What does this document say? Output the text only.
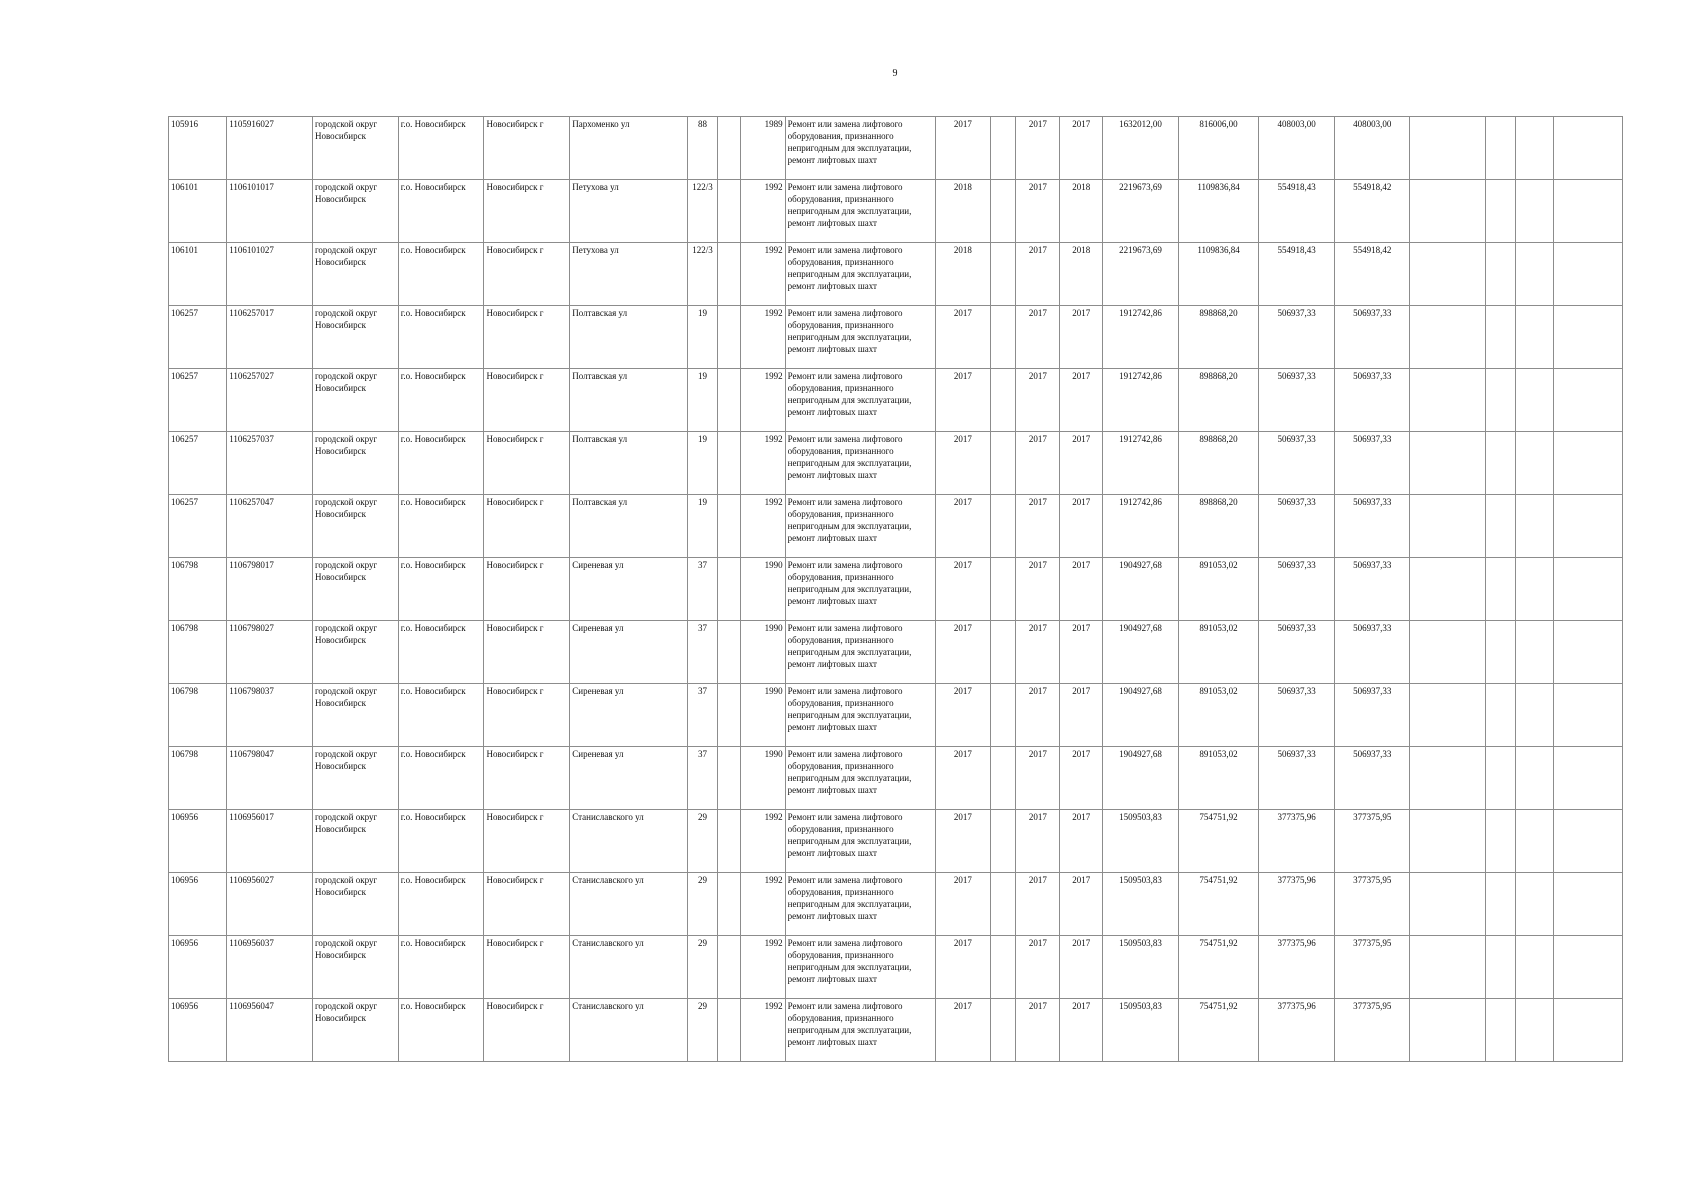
9
105916	1105916027	городской округ Новосибирск	г.о. Новосибирск	Новосибирск г	Пархоменко ул	88		1989	Ремонт или замена лифтового оборудования, признанного непригодным для эксплуатации, ремонт лифтовых шахт	2017		2017	2017	1632012,00	816006,00	408003,00	408003,00				
106101	1106101017	городской округ Новосибирск	г.о. Новосибирск	Новосибирск г	Петухова ул	122/3		1992	Ремонт или замена лифтового оборудования, признанного непригодным для эксплуатации, ремонт лифтовых шахт	2018		2017	2018	2219673,69	1109836,84	554918,43	554918,42				
106101	1106101027	городской округ Новосибирск	г.о. Новосибирск	Новосибирск г	Петухова ул	122/3		1992	Ремонт или замена лифтового оборудования, признанного непригодным для эксплуатации, ремонт лифтовых шахт	2018		2017	2018	2219673,69	1109836,84	554918,43	554918,42				
106257	1106257017	городской округ Новосибирск	г.о. Новосибирск	Новосибирск г	Полтавская ул	19		1992	Ремонт или замена лифтового оборудования, признанного непригодным для эксплуатации, ремонт лифтовых шахт	2017		2017	2017	1912742,86	898868,20	506937,33	506937,33				
106257	1106257027	городской округ Новосибирск	г.о. Новосибирск	Новосибирск г	Полтавская ул	19		1992	Ремонт или замена лифтового оборудования, признанного непригодным для эксплуатации, ремонт лифтовых шахт	2017		2017	2017	1912742,86	898868,20	506937,33	506937,33				
106257	1106257037	городской округ Новосибирск	г.о. Новосибирск	Новосибирск г	Полтавская ул	19		1992	Ремонт или замена лифтового оборудования, признанного непригодным для эксплуатации, ремонт лифтовых шахт	2017		2017	2017	1912742,86	898868,20	506937,33	506937,33				
106257	1106257047	городской округ Новосибирск	г.о. Новосибирск	Новосибирск г	Полтавская ул	19		1992	Ремонт или замена лифтового оборудования, признанного непригодным для эксплуатации, ремонт лифтовых шахт	2017		2017	2017	1912742,86	898868,20	506937,33	506937,33				
106798	1106798017	городской округ Новосибирск	г.о. Новосибирск	Новосибирск г	Сиреневая ул	37		1990	Ремонт или замена лифтового оборудования, признанного непригодным для эксплуатации, ремонт лифтовых шахт	2017		2017	2017	1904927,68	891053,02	506937,33	506937,33				
106798	1106798027	городской округ Новосибирск	г.о. Новосибирск	Новосибирск г	Сиреневая ул	37		1990	Ремонт или замена лифтового оборудования, признанного непригодным для эксплуатации, ремонт лифтовых шахт	2017		2017	2017	1904927,68	891053,02	506937,33	506937,33				
106798	1106798037	городской округ Новосибирск	г.о. Новосибирск	Новосибирск г	Сиреневая ул	37		1990	Ремонт или замена лифтового оборудования, признанного непригодным для эксплуатации, ремонт лифтовых шахт	2017		2017	2017	1904927,68	891053,02	506937,33	506937,33				
106798	1106798047	городской округ Новосибирск	г.о. Новосибирск	Новосибирск г	Сиреневая ул	37		1990	Ремонт или замена лифтового оборудования, признанного непригодным для эксплуатации, ремонт лифтовых шахт	2017		2017	2017	1904927,68	891053,02	506937,33	506937,33				
106956	1106956017	городской округ Новосибирск	г.о. Новосибирск	Новосибирск г	Станиславского ул	29		1992	Ремонт или замена лифтового оборудования, признанного непригодным для эксплуатации, ремонт лифтовых шахт	2017		2017	2017	1509503,83	754751,92	377375,96	377375,95				
106956	1106956027	городской округ Новосибирск	г.о. Новосибирск	Новосибирск г	Станиславского ул	29		1992	Ремонт или замена лифтового оборудования, признанного непригодным для эксплуатации, ремонт лифтовых шахт	2017		2017	2017	1509503,83	754751,92	377375,96	377375,95				
106956	1106956037	городской округ Новосибирск	г.о. Новосибирск	Новосибирск г	Станиславского ул	29		1992	Ремонт или замена лифтового оборудования, признанного непригодным для эксплуатации, ремонт лифтовых шахт	2017		2017	2017	1509503,83	754751,92	377375,96	377375,95				
106956	1106956047	городской округ Новосибирск	г.о. Новосибирск	Новосибирск г	Станиславского ул	29		1992	Ремонт или замена лифтового оборудования, признанного непригодным для эксплуатации, ремонт лифтовых шахт	2017		2017	2017	1509503,83	754751,92	377375,96	377375,95				
